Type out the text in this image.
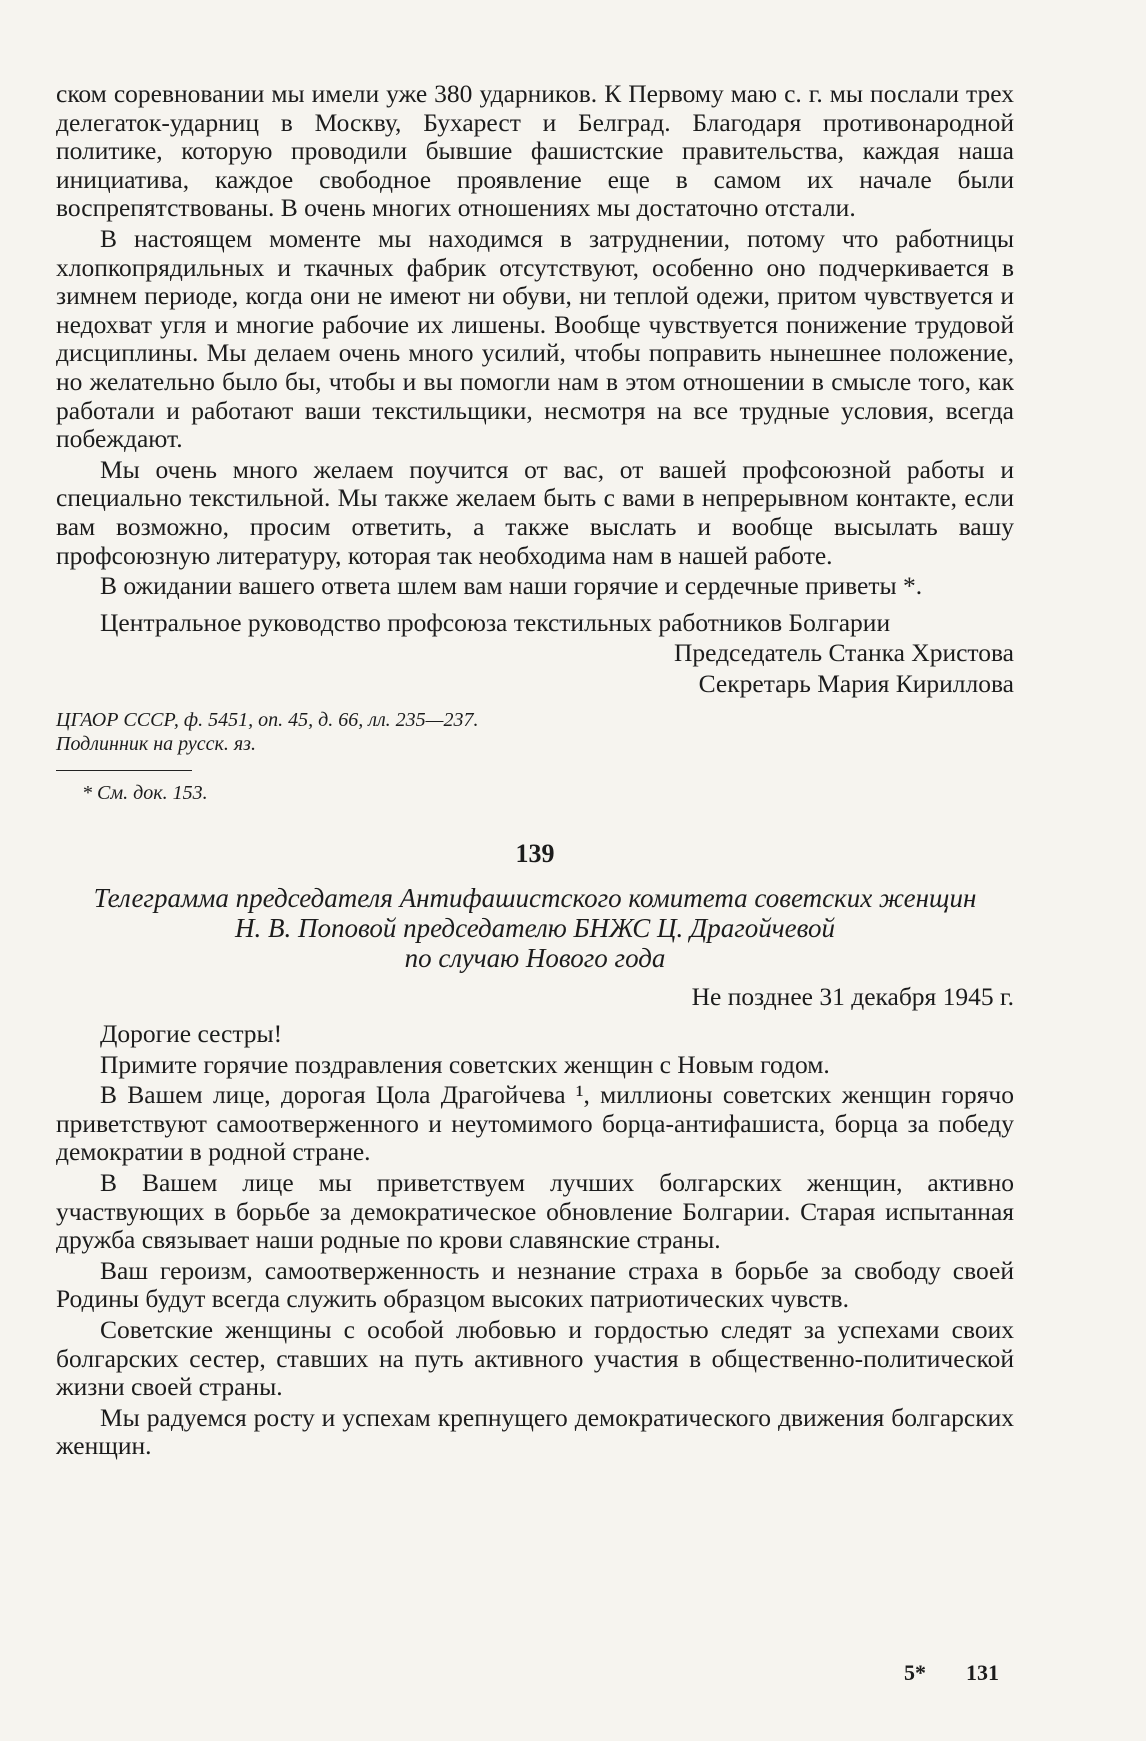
ском соревновании мы имели уже 380 ударников. К Первому маю с. г. мы послали трех делегаток-ударниц в Москву, Бухарест и Белград. Благодаря противонародной политике, которую проводили бывшие фашистские правительства, каждая наша инициатива, каждое свободное проявление еще в самом их начале были воспрепятствованы. В очень многих отношениях мы достаточно отстали.

В настоящем моменте мы находимся в затруднении, потому что работницы хлопкопрядильных и ткачных фабрик отсутствуют, особенно оно подчеркивается в зимнем периоде, когда они не имеют ни обуви, ни теплой одежи, притом чувствуется и недохват угля и многие рабочие их лишены. Вообще чувствуется понижение трудовой дисциплины. Мы делаем очень много усилий, чтобы поправить нынешнее положение, но желательно было бы, чтобы и вы помогли нам в этом отношении в смысле того, как работали и работают ваши текстильщики, несмотря на все трудные условия, всегда побеждают.

Мы очень много желаем поучится от вас, от вашей профсоюзной работы и специально текстильной. Мы также желаем быть с вами в непрерывном контакте, если вам возможно, просим ответить, а также выслать и вообще высылать вашу профсоюзную литературу, которая так необходима нам в нашей работе.

В ожидании вашего ответа шлем вам наши горячие и сердечные приветы *.

Центральное руководство профсоюза текстильных работников Болгарии

Председатель Станка Христова

Секретарь Мария Кириллова

ЦГАОР СССР, ф. 5451, оп. 45, д. 66, лл. 235—237.
Подлинник на русск. яз.
* См. док. 153.
139
Телеграмма председателя Антифашистского комитета советских женщин
Н. В. Поповой председателю БНЖС Ц. Драгойчевой
по случаю Нового года

Не позднее 31 декабря 1945 г.

Дорогие сестры!

Примите горячие поздравления советских женщин с Новым годом.

В Вашем лице, дорогая Цола Драгойчева ¹, миллионы советских женщин горячо приветствуют самоотверженного и неутомимого борца-антифашиста, борца за победу демократии в родной стране.

В Вашем лице мы приветствуем лучших болгарских женщин, активно участвующих в борьбе за демократическое обновление Болгарии. Старая испытанная дружба связывает наши родные по крови славянские страны.

Ваш героизм, самоотверженность и незнание страха в борьбе за свободу своей Родины будут всегда служить образцом высоких патриотических чувств.

Советские женщины с особой любовью и гордостью следят за успехами своих болгарских сестер, ставших на путь активного участия в общественно-политической жизни своей страны.

Мы радуемся росту и успехам крепнущего демократического движения болгарских женщин.

5* 131
